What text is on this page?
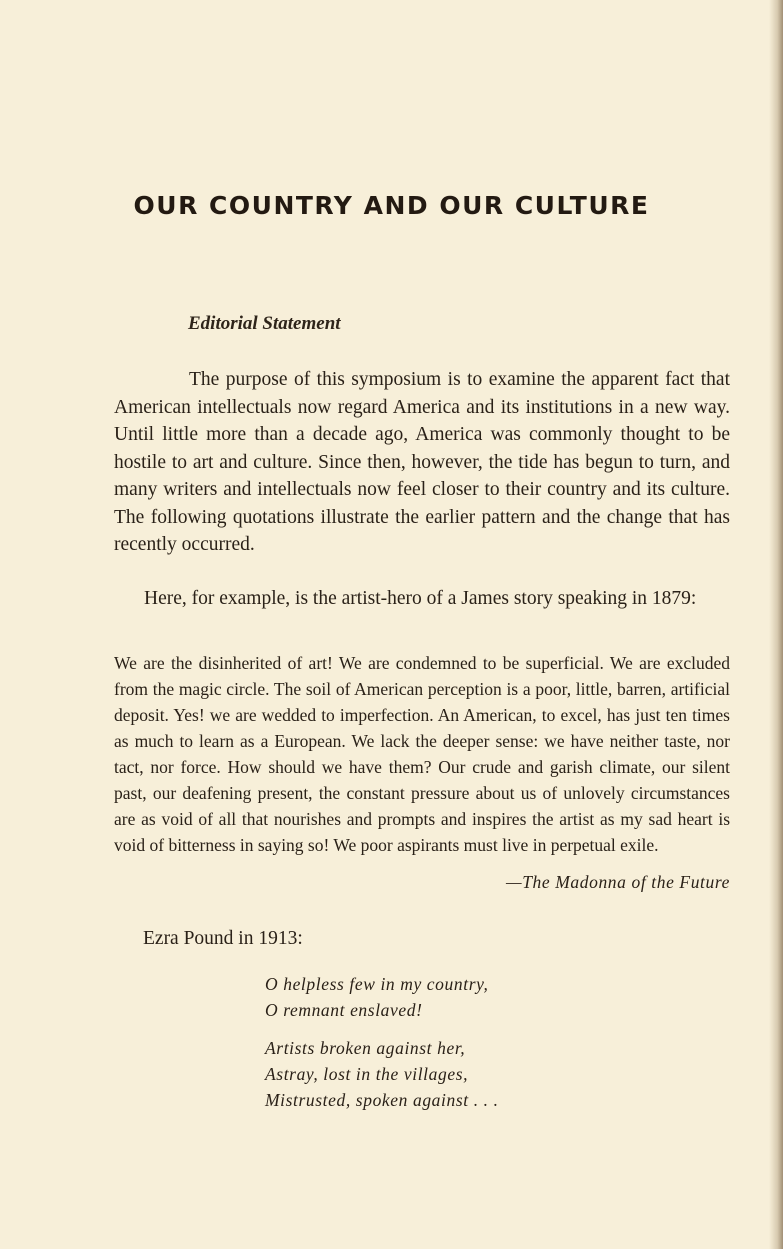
OUR COUNTRY AND OUR CULTURE
Editorial Statement

The purpose of this symposium is to examine the apparent fact that American intellectuals now regard America and its institutions in a new way. Until little more than a decade ago, America was commonly thought to be hostile to art and culture. Since then, however, the tide has begun to turn, and many writers and intellectuals now feel closer to their country and its culture. The following quotations illustrate the earlier pattern and the change that has recently occurred.

Here, for example, is the artist-hero of a James story speaking in 1879:

We are the disinherited of art! We are condemned to be superficial. We are excluded from the magic circle. The soil of American perception is a poor, little, barren, artificial deposit. Yes! we are wedded to imperfection. An American, to excel, has just ten times as much to learn as a European. We lack the deeper sense: we have neither taste, nor tact, nor force. How should we have them? Our crude and garish climate, our silent past, our deafening present, the constant pressure about us of unlovely circumstances are as void of all that nourishes and prompts and inspires the artist as my sad heart is void of bitterness in saying so! We poor aspirants must live in perpetual exile.

—The Madonna of the Future

Ezra Pound in 1913:

O helpless few in my country,
O remnant enslaved!
Artists broken against her,
Astray, lost in the villages,
Mistrusted, spoken against . . .
